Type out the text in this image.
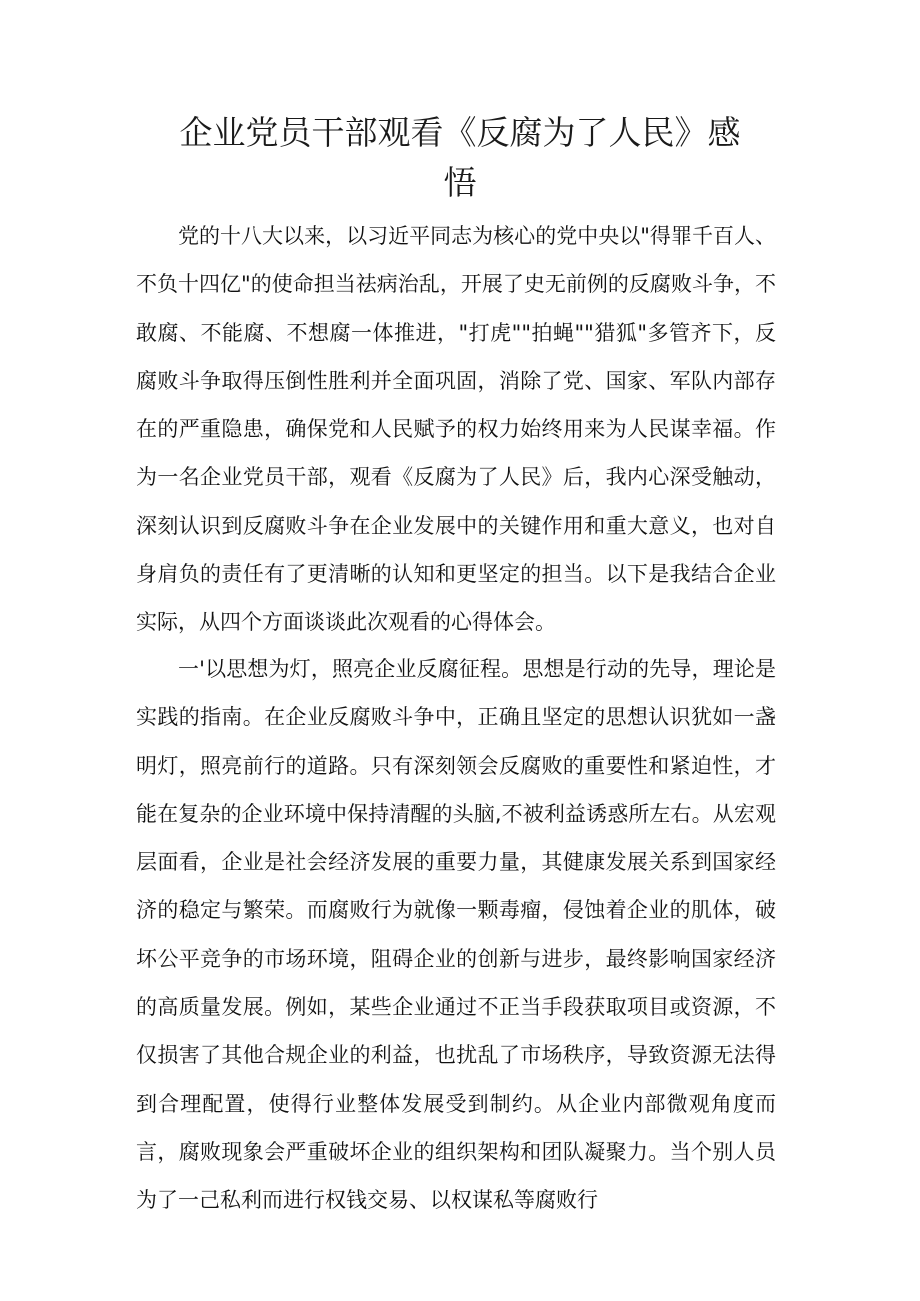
企业党员干部观看《反腐为了人民》感
悟

党的十八大以来，以习近平同志为核心的党中央以"得罪千百人、不负十四亿"的使命担当祛病治乱，开展了史无前例的反腐败斗争，不敢腐、不能腐、不想腐一体推进，"打虎""拍蝇""猎狐"多管齐下，反腐败斗争取得压倒性胜利并全面巩固，消除了党、国家、军队内部存在的严重隐患，确保党和人民赋予的权力始终用来为人民谋幸福。作为一名企业党员干部，观看《反腐为了人民》后，我内心深受触动，深刻认识到反腐败斗争在企业发展中的关键作用和重大意义，也对自身肩负的责任有了更清晰的认知和更坚定的担当。以下是我结合企业实际，从四个方面谈谈此次观看的心得体会。

一'以思想为灯，照亮企业反腐征程。思想是行动的先导，理论是实践的指南。在企业反腐败斗争中，正确且坚定的思想认识犹如一盏明灯，照亮前行的道路。只有深刻领会反腐败的重要性和紧迫性，才能在复杂的企业环境中保持清醒的头脑,不被利益诱惑所左右。从宏观层面看，企业是社会经济发展的重要力量，其健康发展关系到国家经济的稳定与繁荣。而腐败行为就像一颗毒瘤，侵蚀着企业的肌体，破坏公平竞争的市场环境，阻碍企业的创新与进步，最终影响国家经济的高质量发展。例如，某些企业通过不正当手段获取项目或资源，不仅损害了其他合规企业的利益，也扰乱了市场秩序，导致资源无法得到合理配置，使得行业整体发展受到制约。从企业内部微观角度而言，腐败现象会严重破坏企业的组织架构和团队凝聚力。当个别人员为了一己私利而进行权钱交易、以权谋私等腐败行
